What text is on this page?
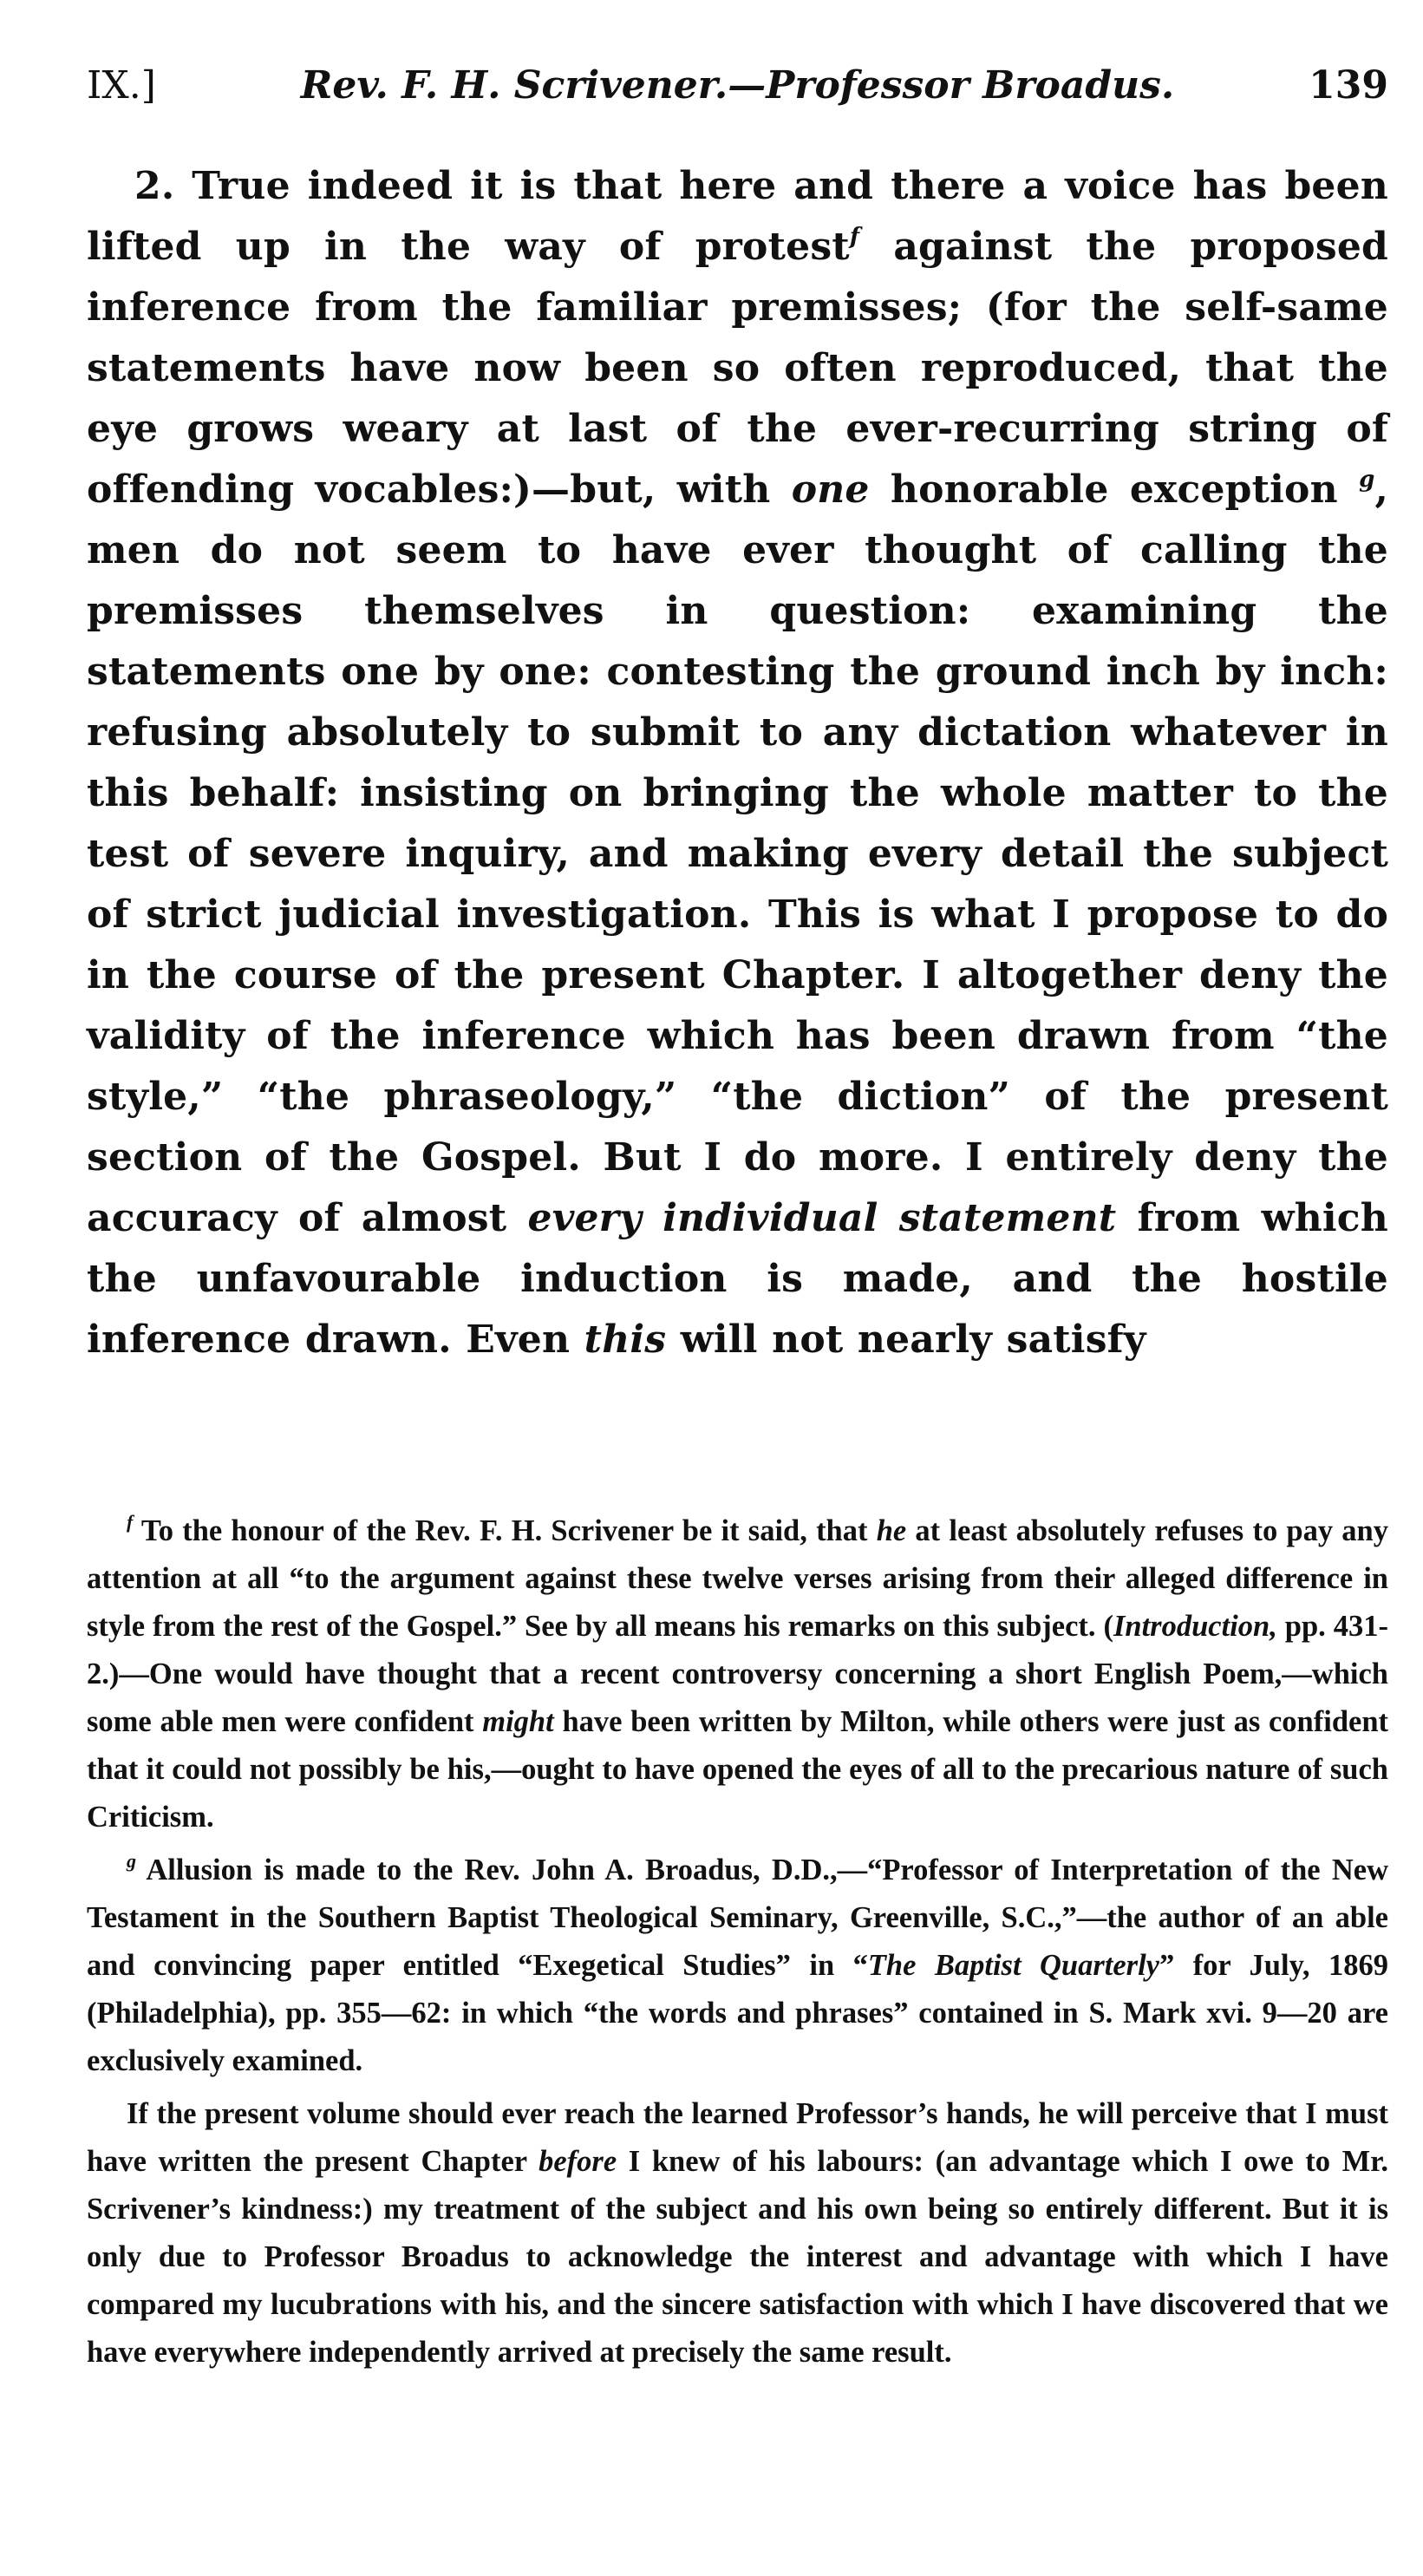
IX.]	Rev. F. H. Scrivener.—Professor Broadus.	139

2. True indeed it is that here and there a voice has been lifted up in the way of protest$^f$ against the proposed inference from the familiar premisses; (for the self-same statements have now been so often reproduced, that the eye grows weary at last of the ever-recurring string of offending vocables:)—but, with one honorable exception $^g$, men do not seem to have ever thought of calling the premisses themselves in question: examining the statements one by one: contesting the ground inch by inch: refusing absolutely to submit to any dictation whatever in this behalf: insisting on bringing the whole matter to the test of severe inquiry, and making every detail the subject of strict judicial investigation. This is what I propose to do in the course of the present Chapter. I altogether deny the validity of the inference which has been drawn from “the style,” “the phraseology,” “the diction” of the present section of the Gospel. But I do more. I entirely deny the accuracy of almost every individual statement from which the unfavourable induction is made, and the hostile inference drawn. Even this will not nearly satisfy

$^f$ To the honour of the Rev. F. H. Scrivener be it said, that he at least absolutely refuses to pay any attention at all “to the argument against these twelve verses arising from their alleged difference in style from the rest of the Gospel.” See by all means his remarks on this subject. (Introduction, pp. 431-2.)—One would have thought that a recent controversy concerning a short English Poem,—which some able men were confident might have been written by Milton, while others were just as confident that it could not possibly be his,—ought to have opened the eyes of all to the precarious nature of such Criticism.

$^g$ Allusion is made to the Rev. John A. Broadus, D.D.,—“Professor of Interpretation of the New Testament in the Southern Baptist Theological Seminary, Greenville, S.C.,”—the author of an able and convincing paper entitled “Exegetical Studies” in “The Baptist Quarterly” for July, 1869 (Philadelphia), pp. 355—62: in which “the words and phrases” contained in S. Mark xvi. 9—20 are exclusively examined.

If the present volume should ever reach the learned Professor’s hands, he will perceive that I must have written the present Chapter before I knew of his labours: (an advantage which I owe to Mr. Scrivener’s kindness:) my treatment of the subject and his own being so entirely different. But it is only due to Professor Broadus to acknowledge the interest and advantage with which I have compared my lucubrations with his, and the sincere satisfaction with which I have discovered that we have everywhere independently arrived at precisely the same result.
